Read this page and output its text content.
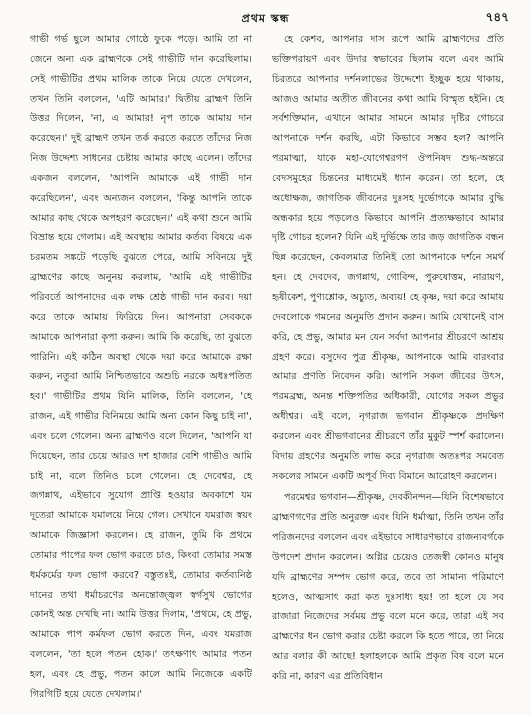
প্রথম স্কন্ধ	৭৪৭

গাভী গর্ভ ছুলে আমার গোষ্ঠে ফুকে পড়ে। আমি তা না জেনে অন্য এক ব্রাহ্মণকে সেই গাভীটি দান করেছিলাম। সেই গাভীটির প্রথম মালিক তাকে নিয়ে যেতে দেখলেন, তখন তিনি বললেন, 'এটি আমার।' দ্বিতীয় ব্রাহ্মণ তিনি উত্তর দিলেন, 'না, এ আমার! নৃপ তাকে আমায় দান করেছেন।' দুই ব্রাহ্মণ তখন তর্ক করতে করতে তাঁদের নিজ নিজ উদ্দেশ্য সাধনের চেষ্টায় আমার কাছে এলেন। তাঁদের একজন বললেন, 'আপনি আমাকে এই গাভী দান করেছিলেন', এবং অন্যজন বললেন, 'কিন্তু আপনি তাকে আমার কাছ থেকে অপহরণ করেছেন।' এই কথা শুনে আমি বিভ্রান্ত হয়ে গেলাম। এই অবস্থায় আমার কর্তব্য বিষয়ে এক চরমতম সঙ্কটে পড়েছি বুঝতে পেরে, আমি সবিনয়ে দুই ব্রাহ্মণের কাছে অনুনয় করলাম, 'আমি এই গাভীটির পরিবর্তে আপনাদের এক লক্ষ শ্রেষ্ঠ গাভী দান করব। দয়া করে তাকে আমায় ফিরিয়ে দিন। আপনারা সেবককে আমাকে আপনারা কৃপা করুন। আমি কি করেছি, তা বুঝতে পারিনি। এই কঠিন অবস্থা থেকে দয়া করে আমাকে রক্ষা করুন, নতুবা আমি নিশ্চিতভাবে অশুচি নরকে অধঃপতিত হব।' গাভীটির প্রথম যিনি মালিক, তিনি বললেন, 'হে রাজন, এই গাভীর বিনিময়ে আমি অন্য কোন কিছু চাই না', এবং চলে গেলেন। অন্য ব্রাহ্মণও বলে দিলেন, 'আপনি যা দিয়েছেন, তার চেয়ে আরও দশ হাজার বেশি গাভীও আমি চাই না, বলে তিনিও চলে গেলেন। হে দেবেশ্বর, হে জগন্নাথ, এইভাবে সুযোগ প্রাপ্তি হওয়ার অবকাশে যম দূতেরা আমাকে যমালয়ে নিয়ে গেল। সেখানে যমরাজ স্বয়ং আমাকে জিজ্ঞাসা করলেন। হে রাজন, তুমি কি প্রথমে তোমার পাপের ফল ভোগ করতে চাও, কিংবা তোমার সমস্ত ধর্মকর্মের ফল ভোগ করবে? বস্তুতঃই, তোমার কর্তব্যনিষ্ঠ দানের তথা ধর্মাচরণের অনন্তোজ্জ্বল স্বর্গসুখ ভোগের কোনই অন্ত দেখছি না। আমি উত্তর দিলাম, 'প্রথমে, হে প্রভু, আমাকে পাপ কর্মফল ভোগ করতে দিন, এবং যমরাজ বললেন, 'তা হলে পতন হোক।' তৎক্ষণাৎ আমার পতন হল, এবং হে প্রভু, পতন কালে আমি নিজেকে একটি গিরগিটি হয়ে যেতে দেখলাম।'

হে কেশব, আপনার দাস রূপে আমি ব্রাহ্মণদের প্রতি ভক্তিপরায়ণ এবং উদার স্বভাবের ছিলাম বলে এবং আমি চিরতরে আপনার দর্শনলাভের উদ্দেশ্যে ইচ্ছুক হয়ে থাকায়, আজও আমার অতীত জীবনের কথা আমি বিস্মৃত হইনি। হে সর্বশক্তিমান, এখানে আমার সামনে আমার দৃষ্টির গোচরে আপনাকে দর্শন করছি, এটা কিভাবে সম্ভব হল? আপনি পরমাত্মা, যাকে মহা-যোগেশ্বরগণ ঔপনিষদ শুদ্ধ-অন্তরে বেদসমুহের চিন্তনের মাধ্যমেই ধ্যান করেন। তা হলে, হে অধোক্ষজ, জাগতিক জীবনের দুঃসহ দুর্ভোগকে আমার বুদ্ধি অন্ধকার হয়ে পড়লেও কিভাবে আপনি প্রত্যক্ষভাবে আমার দৃষ্টি গোচর হলেন? যিনি এই দুর্ভিক্ষে তার জড় জাগতিক বন্ধন ছিন্ন করেছেন, কেবলমাত্র তিনিই তো আপনাকে দর্শনে সমর্থ হন। হে দেবদেব, জগন্নাথ, গোবিন্দ, পুরুষোত্তম, নারায়ণ, হৃষীকেশ, পুণ্যশ্লোক, অচ্যুত, অব্যয়! হে কৃষ্ণ, দয়া করে আমায় দেবলোকে গমনের অনুমতি প্রদান করুন। আমি যেখানেই বাস করি, হে প্রভু, আমার মন যেন সর্বদা আপনার শ্রীচরণে আশ্রয় গ্রহণ করে। বসুদেব পুত্র শ্রীকৃষ্ণ, আপনাকে আমি বারংবার আমার প্রণতি নিবেদন করি। আপনি সকল জীবের উৎস, পরমব্রহ্ম, অনন্ত শক্তিপতির অধিকারী, যোগের সকল প্রভুর অধীশ্বর। এই বলে, নৃগরাজ ভগবান শ্রীকৃষ্ণকে প্রদক্ষিণ করলেন এবং শ্রীভগবানের শ্রীচরণে তাঁর মুকুট স্পর্শ করালেন। বিদায় গ্রহণের অনুমতি লাভ করে নৃগরাজ অতঃপর সমবেত সকলের সামনে একটি অপূর্ব দিব্য বিমানে আরোহণ করলেন।

পরমেশ্বর ভগবান—শ্রীকৃষ্ণ, দেবকীনন্দন—যিনি বিশেষভাবে ব্রাহ্মণগণের প্রতি অনুরক্ত এবং যিনি ধর্মাত্মা, তিনি তখন তাঁর পরিজনদের বললেন এবং এইভাবে সাধারণভাবে রাজন্যবর্গকে উপদেশ প্রদান করলেন। অগ্নির চেয়েও তেজস্বী কোনও মানুষ যদি ব্রাহ্মণের সম্পদ ভোগ করে, তবে তা সামান্য পরিমাণে হলেও, আত্মসাৎ করা কত দুঃসাধ্য হয়! তা হলে যে সব রাজারা নিজেদের সর্বময় প্রভু বলে মনে করে, তারা এই সব ব্রাহ্মণের ধন ভোগ করার চেষ্টা করলে কি হতে পারে, তা নিয়ে আর বলার কী আছে! হলাহলকে আমি প্রকৃত বিষ বলে মনে করি না, কারণ এর প্রতিবিধান
